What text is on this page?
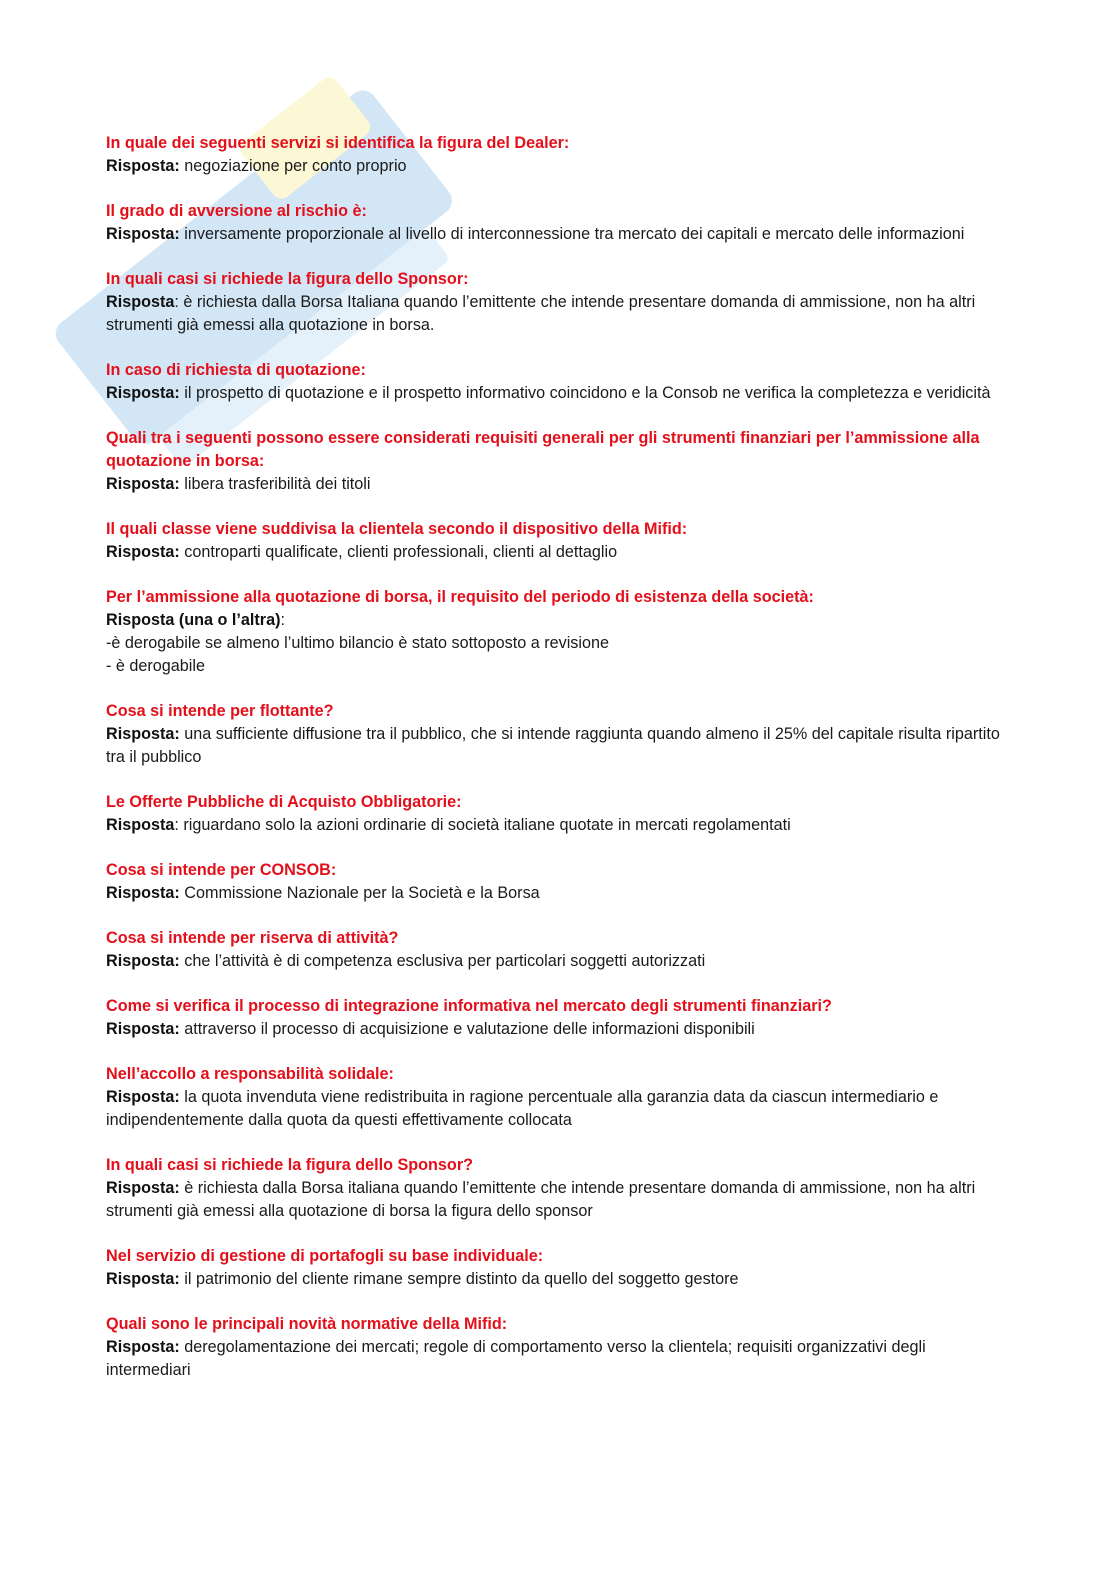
In quale dei seguenti servizi si identifica la figura del Dealer:

Risposta: negoziazione per conto proprio

Il grado di avversione al rischio è:

Risposta: inversamente proporzionale al livello di interconnessione tra mercato dei capitali e mercato delle informazioni

In quali casi si richiede la figura dello Sponsor:

Risposta: è richiesta dalla Borsa Italiana quando l’emittente che intende presentare domanda di ammissione, non ha altri strumenti già emessi alla quotazione in borsa.

In caso di richiesta di quotazione:

Risposta: il prospetto di quotazione e il prospetto informativo coincidono e la Consob ne verifica la completezza e veridicità

Quali tra i seguenti possono essere considerati requisiti generali per gli strumenti finanziari per l’ammissione alla quotazione in borsa:

Risposta: libera trasferibilità dei titoli

Il quali classe viene suddivisa la clientela secondo il dispositivo della Mifid:

Risposta: controparti qualificate, clienti professionali, clienti al dettaglio

Per l’ammissione alla quotazione di borsa, il requisito del periodo di esistenza della società:

Risposta (una o l’altra):
-è derogabile se almeno l’ultimo bilancio è stato sottoposto a revisione
- è derogabile

Cosa si intende per flottante?

Risposta: una sufficiente diffusione tra il pubblico, che si intende raggiunta quando almeno il 25% del capitale risulta ripartito tra il pubblico

Le Offerte Pubbliche di Acquisto Obbligatorie:

Risposta: riguardano solo la azioni ordinarie di società italiane quotate in mercati regolamentati

Cosa si intende per CONSOB:

Risposta: Commissione Nazionale per la Società e la Borsa

Cosa si intende per riserva di attività?

Risposta: che l’attività è di competenza esclusiva per particolari soggetti autorizzati

Come si verifica il processo di integrazione informativa nel mercato degli strumenti finanziari?

Risposta: attraverso il processo di acquisizione e valutazione delle informazioni disponibili

Nell’accollo a responsabilità solidale:

Risposta: la quota invenduta viene redistribuita in ragione percentuale alla garanzia data da ciascun intermediario e indipendentemente dalla quota da questi effettivamente collocata

In quali casi si richiede la figura dello Sponsor?

Risposta: è richiesta dalla Borsa italiana quando l’emittente che intende presentare domanda di ammissione, non ha altri strumenti già emessi alla quotazione di borsa la figura dello sponsor

Nel servizio di gestione di portafogli su base individuale:

Risposta: il patrimonio del cliente rimane sempre distinto da quello del soggetto gestore

Quali sono le principali novità normative della Mifid:

Risposta: deregolamentazione dei mercati; regole di comportamento verso la clientela; requisiti organizzativi degli intermediari
